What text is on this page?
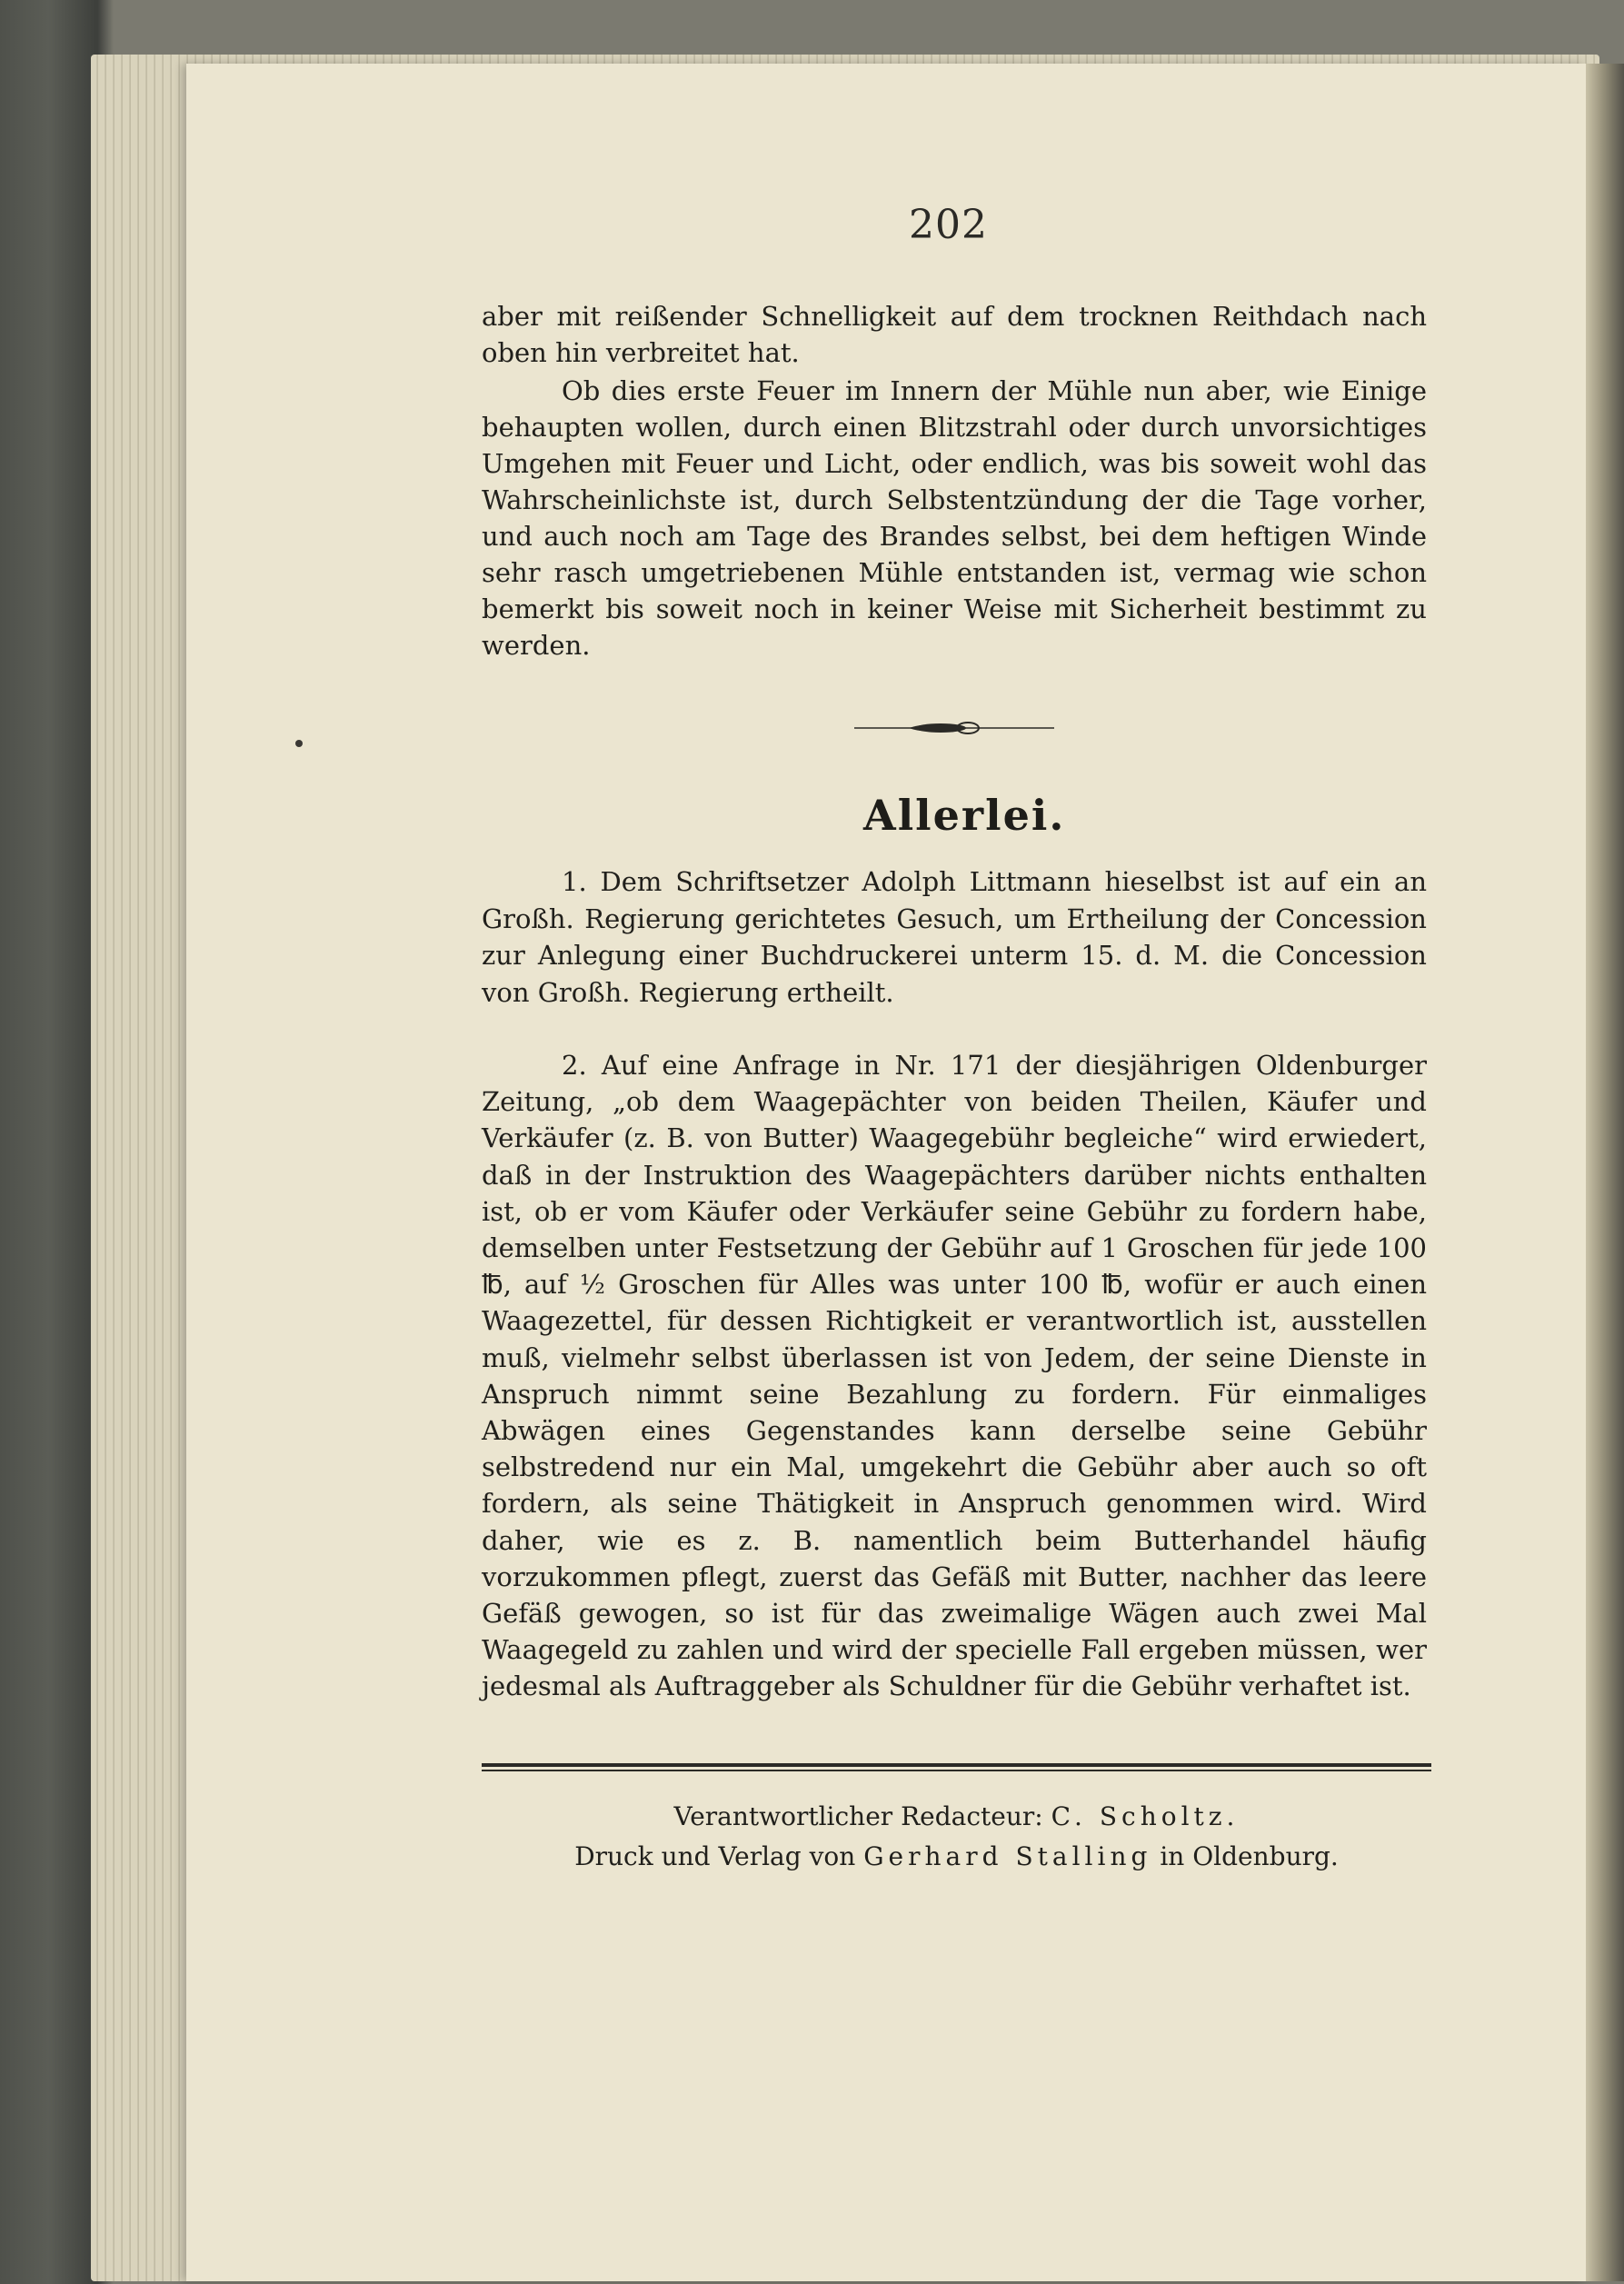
202

aber mit reißender Schnelligkeit auf dem trocknen Reithdach nach oben hin verbreitet hat.

Ob dies erste Feuer im Innern der Mühle nun aber, wie Einige behaupten wollen, durch einen Blitzstrahl oder durch unvorsichtiges Umgehen mit Feuer und Licht, oder endlich, was bis soweit wohl das Wahrscheinlichste ist, durch Selbstentzündung der die Tage vorher, und auch noch am Tage des Brandes selbst, bei dem heftigen Winde sehr rasch umgetriebenen Mühle entstanden ist, vermag wie schon bemerkt bis soweit noch in keiner Weise mit Sicherheit bestimmt zu werden.

Allerlei.

1. Dem Schriftsetzer Adolph Littmann hieselbst ist auf ein an Großh. Regierung gerichtetes Gesuch, um Ertheilung der Concession zur Anlegung einer Buchdruckerei unterm 15. d. M. die Concession von Großh. Regierung ertheilt.

2. Auf eine Anfrage in Nr. 171 der diesjährigen Oldenburger Zeitung, „ob dem Waagepächter von beiden Theilen, Käufer und Verkäufer (z. B. von Butter) Waagegebühr begleiche“ wird erwiedert, daß in der Instruktion des Waagepächters darüber nichts enthalten ist, ob er vom Käufer oder Verkäufer seine Gebühr zu fordern habe, demselben unter Festsetzung der Gebühr auf 1 Groschen für jede 100 ℔, auf ½ Groschen für Alles was unter 100 ℔, wofür er auch einen Waagezettel, für dessen Richtigkeit er verantwortlich ist, ausstellen muß, vielmehr selbst überlassen ist von Jedem, der seine Dienste in Anspruch nimmt seine Bezahlung zu fordern. Für einmaliges Abwägen eines Gegenstandes kann derselbe seine Gebühr selbstredend nur ein Mal, umgekehrt die Gebühr aber auch so oft fordern, als seine Thätigkeit in Anspruch genommen wird. Wird daher, wie es z. B. namentlich beim Butterhandel häufig vorzukommen pflegt, zuerst das Gefäß mit Butter, nachher das leere Gefäß gewogen, so ist für das zweimalige Wägen auch zwei Mal Waagegeld zu zahlen und wird der specielle Fall ergeben müssen, wer jedesmal als Auftraggeber als Schuldner für die Gebühr verhaftet ist.

Verantwortlicher Redacteur: C. Scholtz.
Druck und Verlag von Gerhard Stalling in Oldenburg.
